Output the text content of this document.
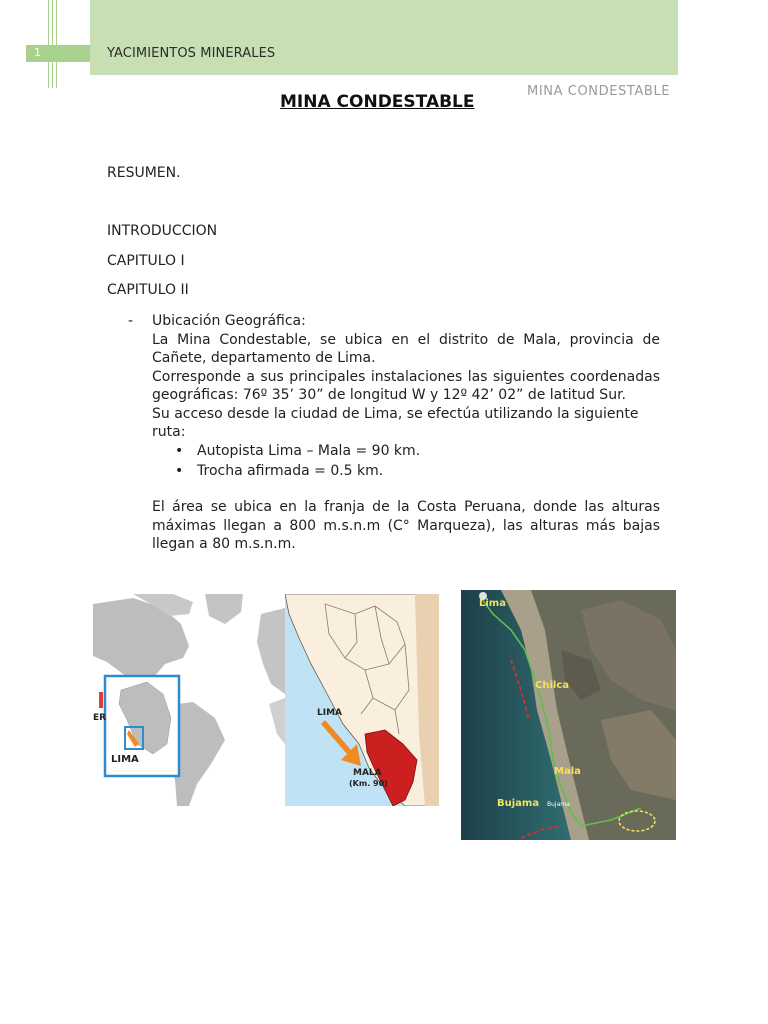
1	YACIMIENTOS MINERALES
MINA CONDESTABLE
MINA CONDESTABLE
RESUMEN.
INTRODUCCION
CAPITULO I
CAPITULO II
- Ubicación Geográfica:

La Mina Condestable, se ubica en el distrito de Mala, provincia de Cañete, departamento de Lima.

Corresponde a sus principales instalaciones las siguientes coordenadas geográficas: 76º 35’ 30” de longitud W y 12º 42’ 02” de latitud Sur.

Su acceso desde la ciudad de Lima, se efectúa utilizando la siguiente ruta:

• Autopista Lima – Mala = 90 km.
• Trocha afirmada = 0.5 km.

El área se ubica en la franja de la Costa Peruana, donde las alturas máximas llegan a 800 m.s.n.m (C° Marqueza), las alturas más bajas llegan a 80 m.s.n.m.

LIMA
ER	LIMA
MALA
(Km. 90)
Lima
Chilca
Mala
Bujama Bujama
